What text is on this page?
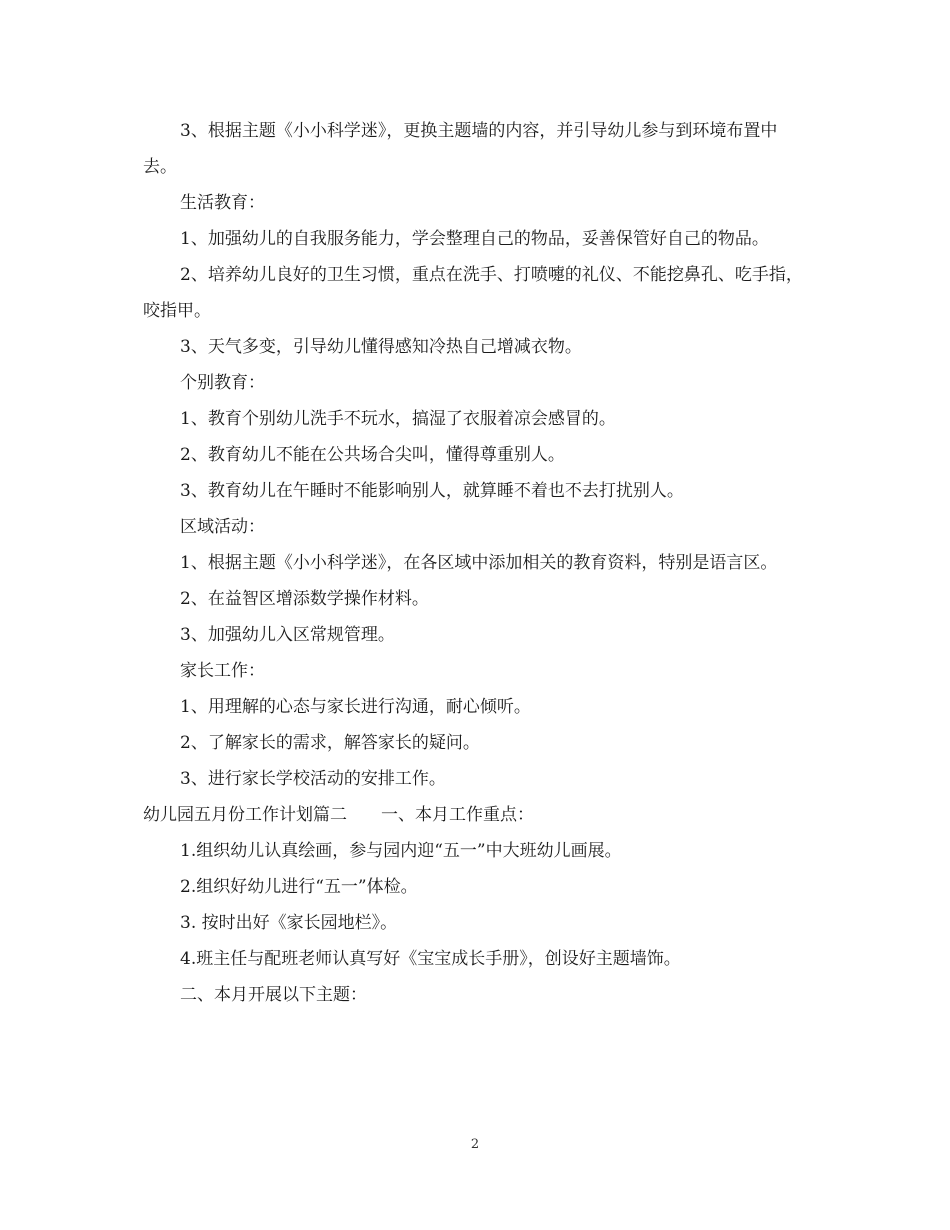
3、根据主题《小小科学迷》，更换主题墙的内容，并引导幼儿参与到环境布置中去。

生活教育：

1、加强幼儿的自我服务能力，学会整理自己的物品，妥善保管好自己的物品。

2、培养幼儿良好的卫生习惯，重点在洗手、打喷嚏的礼仪、不能挖鼻孔、吃手指，咬指甲。

3、天气多变，引导幼儿懂得感知冷热自己增减衣物。

个别教育：

1、教育个别幼儿洗手不玩水，搞湿了衣服着凉会感冒的。

2、教育幼儿不能在公共场合尖叫，懂得尊重别人。

3、教育幼儿在午睡时不能影响别人，就算睡不着也不去打扰别人。

区域活动：

1、根据主题《小小科学迷》，在各区域中添加相关的教育资料，特别是语言区。

2、在益智区增添数学操作材料。

3、加强幼儿入区常规管理。

家长工作：

1、用理解的心态与家长进行沟通，耐心倾听。

2、了解家长的需求，解答家长的疑问。

3、进行家长学校活动的安排工作。

幼儿园五月份工作计划篇二　　一、本月工作重点：

1.组织幼儿认真绘画，参与园内迎“五一”中大班幼儿画展。

2.组织好幼儿进行“五一”体检。

3. 按时出好《家长园地栏》。

4.班主任与配班老师认真写好《宝宝成长手册》，创设好主题墙饰。

二、本月开展以下主题：

2
